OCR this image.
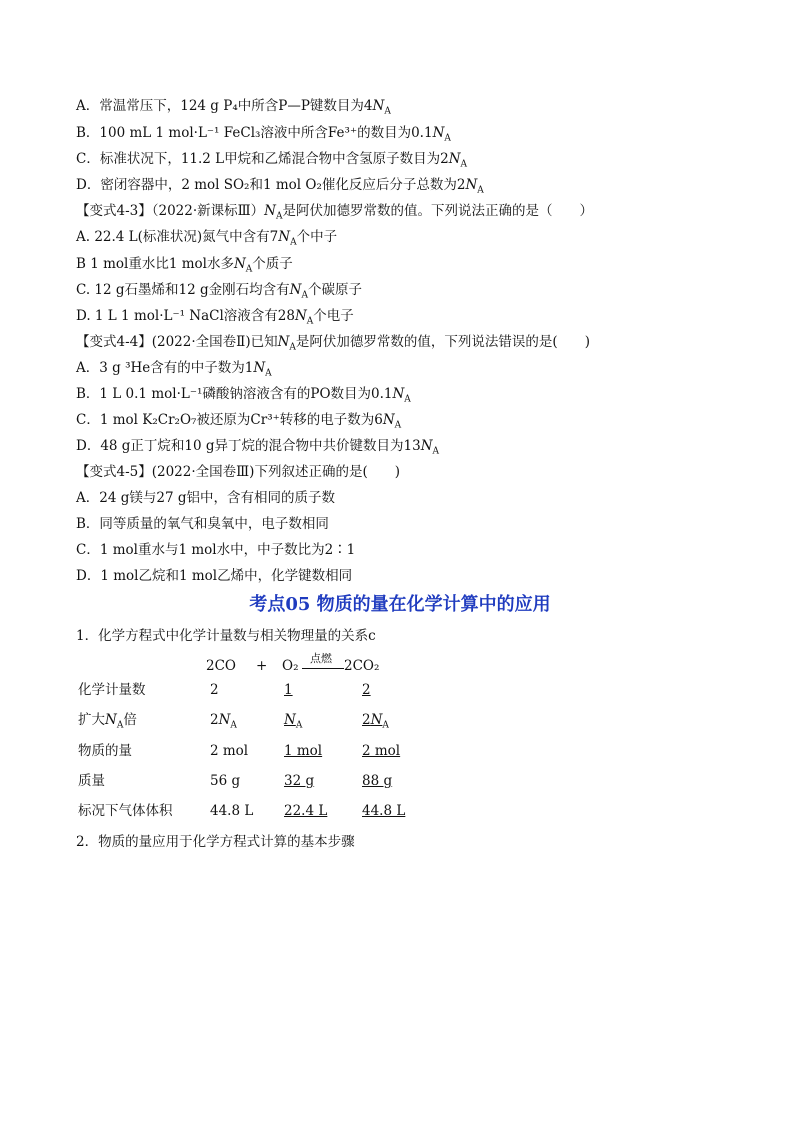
A．常温常压下，124 g P₄中所含P—P键数目为$4N_A$
B．100 mL 1 mol·L⁻¹ FeCl₃溶液中所含Fe³⁺的数目为$0.1N_A$
C．标准状况下，11.2 L甲烷和乙烯混合物中含氢原子数目为$2N_A$
D．密闭容器中，2 mol SO₂和1 mol O₂催化反应后分子总数为$2N_A$
【变式4-3】（2022·新课标$Ⅲ)N_A$是阿伏加德罗常数的值。下列说法正确的是（　　）
A. 22.4 L(标准状况)氮气中含有$7N_A$个中子
B 1 mol重水比1 mol水多$N_A$个质子
C. 12 g石墨烯和12 g金刚石均含有$N_A$个碳原子
D. 1 L 1 mol·L⁻¹ NaCl溶液含有$28N_A$个电子
【变式4-4】(2022·全国卷Ⅱ)已知$N_A$是阿伏加德罗常数的值，下列说法错误的是(　　)
A．3 g ³He含有的中子数为$1N_A$
B．1 L 0.1 mol·L⁻¹磷酸钠溶液含有的PO数目为$0.1N_A$
C．1 mol K₂Cr₂O₇被还原为Cr³⁺转移的电子数为$6N_A$
D．48 g正丁烷和10 g异丁烷的混合物中共价键数目为$13N_A$
【变式4-5】(2022·全国卷Ⅲ)下列叙述正确的是(　　)
A．24 g镁与27 g铝中，含有相同的质子数
B．同等质量的氧气和臭氧中，电子数相同
C．1 mol重水与1 mol水中，中子数比为2∶1
D．1 mol乙烷和1 mol乙烯中，化学键数相同
考点05 物质的量在化学计算中的应用
1．化学方程式中化学计量数与相关物理量的关系c
2CO + O₂ 点燃 2CO₂
化学计量数	2	1	2
扩大$N_A$倍	$2N_A$	$N_A$	$2N_A$
物质的量	2 mol	1 mol	2 mol
质量	56 g	32 g	88 g
标况下气体体积	44.8 L 22.4 L	44.8 L
2．物质的量应用于化学方程式计算的基本步骤
